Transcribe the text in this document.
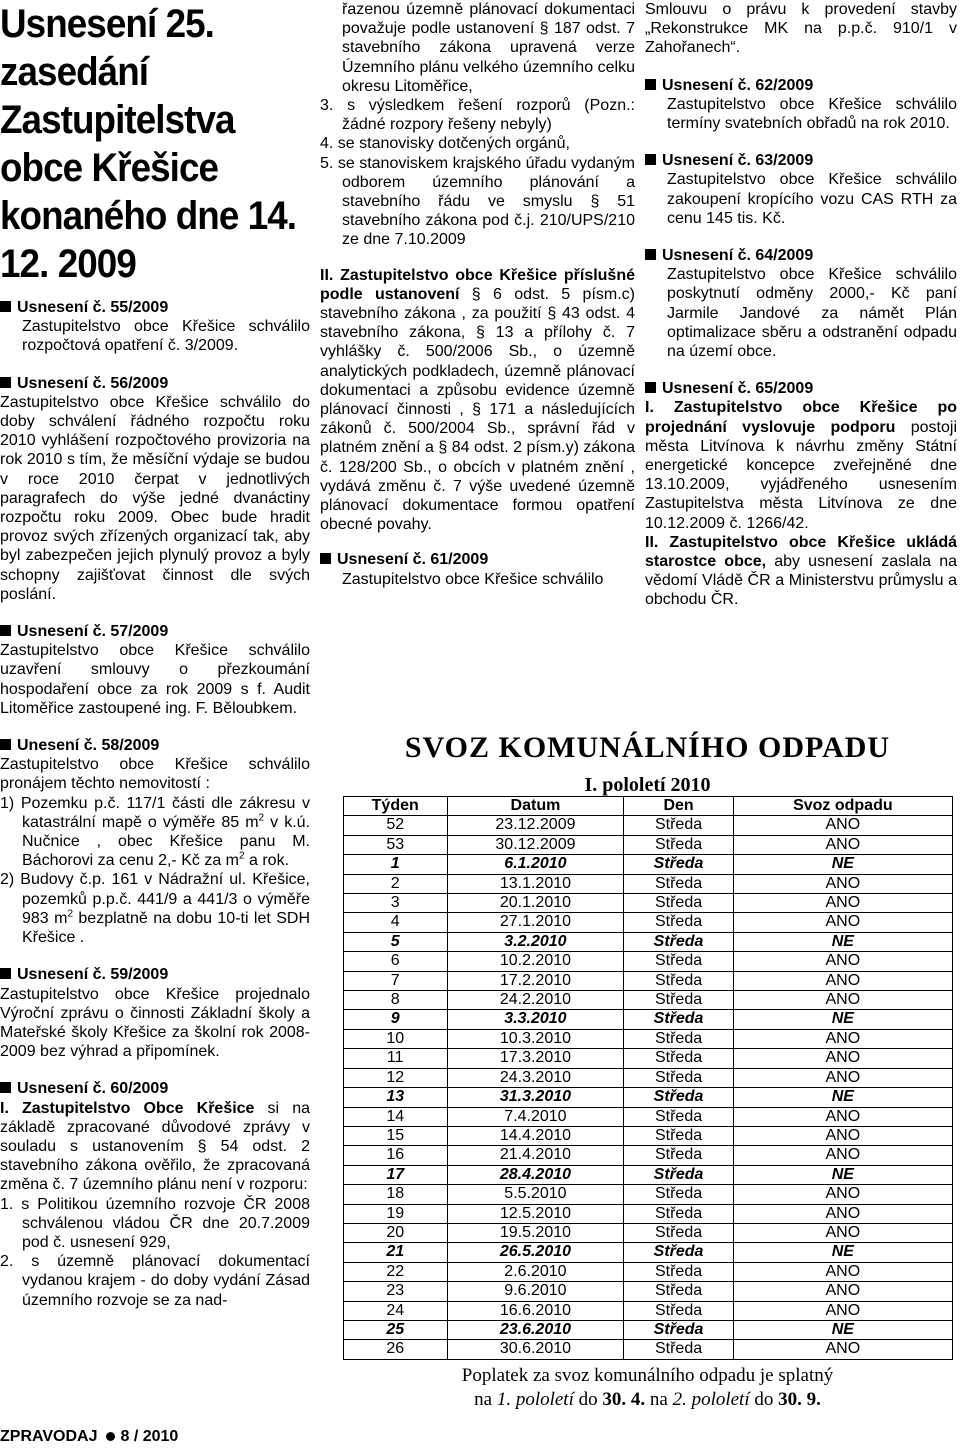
Usnesení 25. zasedání Zastupitelstva obce Křešice konaného dne 14. 12. 2009

Usnesení č. 55/2009

Zastupitelstvo obce Křešice schválilo rozpočtová opatření č. 3/2009.

Usnesení č. 56/2009

Zastupitelstvo obce Křešice schválilo do doby schválení řádného rozpočtu roku 2010 vyhlášení rozpočtového provizoria na rok 2010 s tím, že měsíční výdaje se budou v roce 2010 čerpat v jednotlivých paragrafech do výše jedné dvanáctiny rozpočtu roku 2009. Obec bude hradit provoz svých zřízených organizací tak, aby byl zabezpečen jejich plynulý provoz a byly schopny zajišťovat činnost dle svých poslání.

Usnesení č. 57/2009

Zastupitelstvo obce Křešice schválilo uzavření smlouvy o přezkoumání hospodaření obce za rok 2009 s f. Audit Litoměřice zastoupené ing. F. Běloubkem.

Unesení č. 58/2009

Zastupitelstvo obce Křešice schválilo pronájem těchto nemovitostí :

1) Pozemku p.č. 117/1 části dle zákresu v katastrální mapě o výměře 85 $m^2$ v k.ú. Nučnice , obec Křešice panu M. Báchorovi za cenu 2,- Kč za $m^2$ a rok.

2) Budovy č.p. 161 v Nádražní ul. Křešice, pozemků p.p.č. 441/9 a 441/3 o výměře 983 $m^2$ bezplatně na dobu 10-ti let SDH Křešice .

Usnesení č. 59/2009

Zastupitelstvo obce Křešice projednalo Výroční zprávu o činnosti Základní školy a Mateřské školy Křešice za školní rok 2008-2009 bez výhrad a připomínek.

Usnesení č. 60/2009

I. Zastupitelstvo Obce Křešice si na základě zpracované důvodové zprávy v souladu s ustanovením § 54 odst. 2 stavebního zákona ověřilo, že zpracovaná změna č. 7 územního plánu není v rozporu:

1. s Politikou územního rozvoje ČR 2008 schválenou vládou ČR dne 20.7.2009 pod č. usnesení 929,

2. s územně plánovací dokumentací vydanou krajem - do doby vydání Zásad územního rozvoje se za nad-

řazenou územně plánovací dokumentaci považuje podle ustanovení § 187 odst. 7 stavebního zákona upravená verze Územního plánu velkého územního celku okresu Litoměřice,

3. s výsledkem řešení rozporů (Pozn.: žádné rozpory řešeny nebyly)

4. se stanovisky dotčených orgánů,

5. se stanoviskem krajského úřadu vydaným odborem územního plánování a stavebního řádu ve smyslu § 51 stavebního zákona pod č.j. 210/UPS/210 ze dne 7.10.2009

II. Zastupitelstvo obce Křešice příslušné podle ustanovení § 6 odst. 5 písm.c) stavebního zákona , za použití § 43 odst. 4 stavebního zákona, § 13 a přílohy č. 7 vyhlášky č. 500/2006 Sb., o územně analytických podkladech, územně plánovací dokumentaci a způsobu evidence územně plánovací činnosti , § 171 a následujících zákonů č. 500/2004 Sb., správní řád v platném znění a § 84 odst. 2 písm.y) zákona č. 128/200 Sb., o obcích v platném znění , vydává změnu č. 7 výše uvedené územně plánovací dokumentace formou opatření obecné povahy.

Usnesení č. 61/2009

Zastupitelstvo obce Křešice schválilo

Smlouvu o právu k provedení stavby „Rekonstrukce MK na p.p.č. 910/1 v Zahořanech“.

Usnesení č. 62/2009

Zastupitelstvo obce Křešice schválilo termíny svatebních obřadů na rok 2010.

Usnesení č. 63/2009

Zastupitelstvo obce Křešice schválilo zakoupení kropícího vozu CAS RTH za cenu 145 tis. Kč.

Usnesení č. 64/2009

Zastupitelstvo obce Křešice schválilo poskytnutí odměny 2000,- Kč paní Jarmile Jandové za námět Plán optimalizace sběru a odstranění odpadu na území obce.

Usnesení č. 65/2009

I. Zastupitelstvo obce Křešice po projednání vyslovuje podporu postoji města Litvínova k návrhu změny Státní energetické koncepce zveřejněné dne 13.10.2009, vyjádřeného usnesením Zastupitelstva města Litvínova ze dne 10.12.2009 č. 1266/42.

II. Zastupitelstvo obce Křešice ukládá starostce obce, aby usnesení zaslala na vědomí Vládě ČR a Ministerstvu průmyslu a obchodu ČR.

SVOZ KOMUNÁLNÍHO ODPADU

I. pololetí 2010

Týden	Datum	Den	Svoz odpadu
52	23.12.2009	Středa	ANO
53	30.12.2009	Středa	ANO
1	6.1.2010	Středa	NE
2	13.1.2010	Středa	ANO
3	20.1.2010	Středa	ANO
4	27.1.2010	Středa	ANO
5	3.2.2010	Středa	NE
6	10.2.2010	Středa	ANO
7	17.2.2010	Středa	ANO
8	24.2.2010	Středa	ANO
9	3.3.2010	Středa	NE
10	10.3.2010	Středa	ANO
11	17.3.2010	Středa	ANO
12	24.3.2010	Středa	ANO
13	31.3.2010	Středa	NE
14	7.4.2010	Středa	ANO
15	14.4.2010	Středa	ANO
16	21.4.2010	Středa	ANO
17	28.4.2010	Středa	NE
18	5.5.2010	Středa	ANO
19	12.5.2010	Středa	ANO
20	19.5.2010	Středa	ANO
21	26.5.2010	Středa	NE
22	2.6.2010	Středa	ANO
23	9.6.2010	Středa	ANO
24	16.6.2010	Středa	ANO
25	23.6.2010	Středa	NE
26	30.6.2010	Středa	ANO

Poplatek za svoz komunálního odpadu je splatný
na 1. pololetí do 30. 4. na 2. pololetí do 30. 9.

ZPRAVODAJ 8 / 2010
